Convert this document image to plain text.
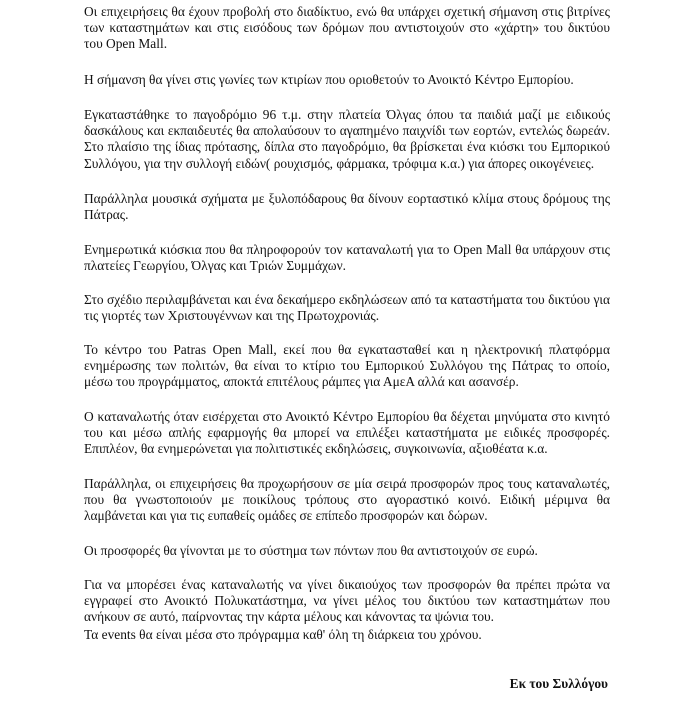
Οι επιχειρήσεις θα έχουν προβολή στο διαδίκτυο, ενώ θα υπάρχει σχετική σήμανση στις βιτρίνες των καταστημάτων και στις εισόδους των δρόμων που αντιστοιχούν στο «χάρτη» του δικτύου του Open Mall.

Η σήμανση θα γίνει στις γωνίες των κτιρίων που οριοθετούν το Ανοικτό Κέντρο Εμπορίου.

Εγκαταστάθηκε το παγοδρόμιο 96 τ.μ. στην πλατεία Όλγας όπου τα παιδιά μαζί με ειδικούς δασκάλους και εκπαιδευτές θα απολαύσουν το αγαπημένο παιχνίδι των εορτών, εντελώς δωρεάν. Στο πλαίσιο της ίδιας πρότασης, δίπλα στο παγοδρόμιο, θα βρίσκεται ένα κιόσκι του Εμπορικού Συλλόγου, για την συλλογή ειδών( ρουχισμός, φάρμακα, τρόφιμα κ.α.) για άπορες οικογένειες.

Παράλληλα μουσικά σχήματα με ξυλοπόδαρους θα δίνουν εορταστικό κλίμα στους δρόμους της Πάτρας.

Ενημερωτικά κιόσκια που θα πληροφορούν τον καταναλωτή για το Open Mall θα υπάρχουν στις πλατείες Γεωργίου, Όλγας και Τριών Συμμάχων.

Στο σχέδιο περιλαμβάνεται και ένα δεκαήμερο εκδηλώσεων από τα καταστήματα του δικτύου για τις γιορτές των Χριστουγέννων και της Πρωτοχρονιάς.

Το κέντρο του Patras Open Mall, εκεί που θα εγκατασταθεί και η ηλεκτρονική πλατφόρμα ενημέρωσης των πολιτών, θα είναι το κτίριο του Εμπορικού Συλλόγου της Πάτρας το οποίο, μέσω του προγράμματος, αποκτά επιτέλους ράμπες για ΑμεΑ αλλά και ασανσέρ.

Ο καταναλωτής όταν εισέρχεται στο Ανοικτό Κέντρο Εμπορίου θα δέχεται μηνύματα στο κινητό του και μέσω απλής εφαρμογής θα μπορεί να επιλέξει καταστήματα με ειδικές προσφορές. Επιπλέον, θα ενημερώνεται για πολιτιστικές εκδηλώσεις, συγκοινωνία, αξιοθέατα κ.α.

Παράλληλα, οι επιχειρήσεις θα προχωρήσουν σε μία σειρά προσφορών προς τους καταναλωτές, που θα γνωστοποιούν με ποικίλους τρόπους στο αγοραστικό κοινό. Ειδική μέριμνα θα λαμβάνεται και για τις ευπαθείς ομάδες σε επίπεδο προσφορών και δώρων.

Οι προσφορές θα γίνονται με το σύστημα των πόντων που θα αντιστοιχούν σε ευρώ.

Για να μπορέσει ένας καταναλωτής να γίνει δικαιούχος των προσφορών θα πρέπει πρώτα να εγγραφεί στο Ανοικτό Πολυκατάστημα, να γίνει μέλος του δικτύου των καταστημάτων που ανήκουν σε αυτό, παίρνοντας την κάρτα μέλους και κάνοντας τα ψώνια του.

Τα events θα είναι μέσα στο πρόγραμμα καθ' όλη τη διάρκεια του χρόνου.

Εκ του Συλλόγου
